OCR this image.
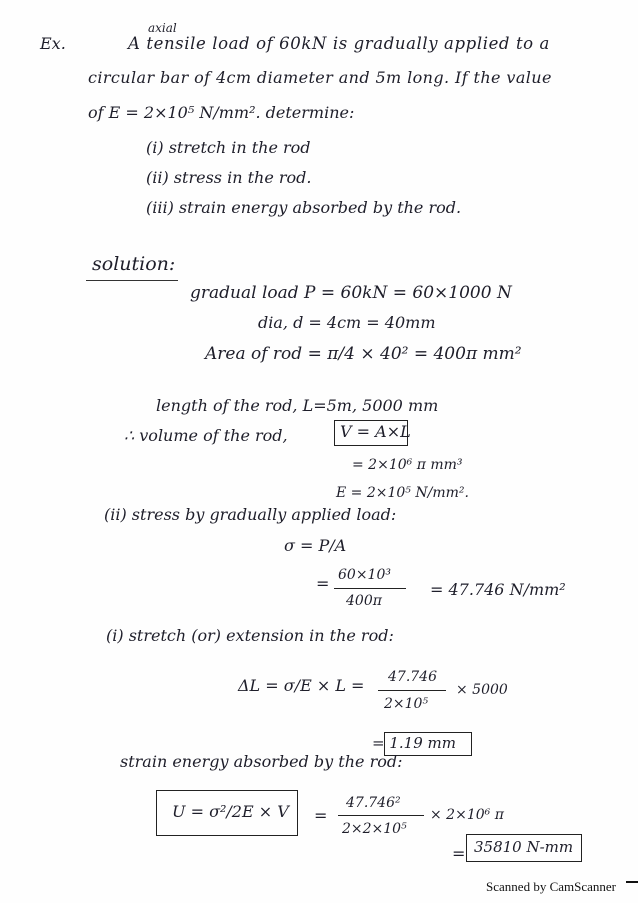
Ex.
axial
A tensile load of 60kN is gradually applied to a
circular bar of 4cm diameter and 5m long. If the value
of E = 2×10⁵ N/mm². determine:
(i) stretch in the rod
(ii) stress in the rod.
(iii) strain energy absorbed by the rod.
solution:
gradual load P = 60kN = 60×1000 N
dia, d = 4cm = 40mm
Area of rod = π/4 × 40² = 400π mm²
length of the rod, L=5m, 5000 mm
∴ volume of the rod,	V = A×L
= 2×10⁶ π mm³
E = 2×10⁵ N/mm².
(ii) stress by gradually applied load:
σ = P/A
= 60×10³
400π
= 47.746 N/mm²
(i) stretch (or) extension in the rod:
ΔL = σ/E × L = 47.746
2×10⁵
× 5000
= 1.19 mm
strain energy absorbed by the rod:
U = σ²/2E × V =
47.746²
2×2×10⁵
× 2×10⁶ π
= 35810 N-mm
Scanned by CamScanner
